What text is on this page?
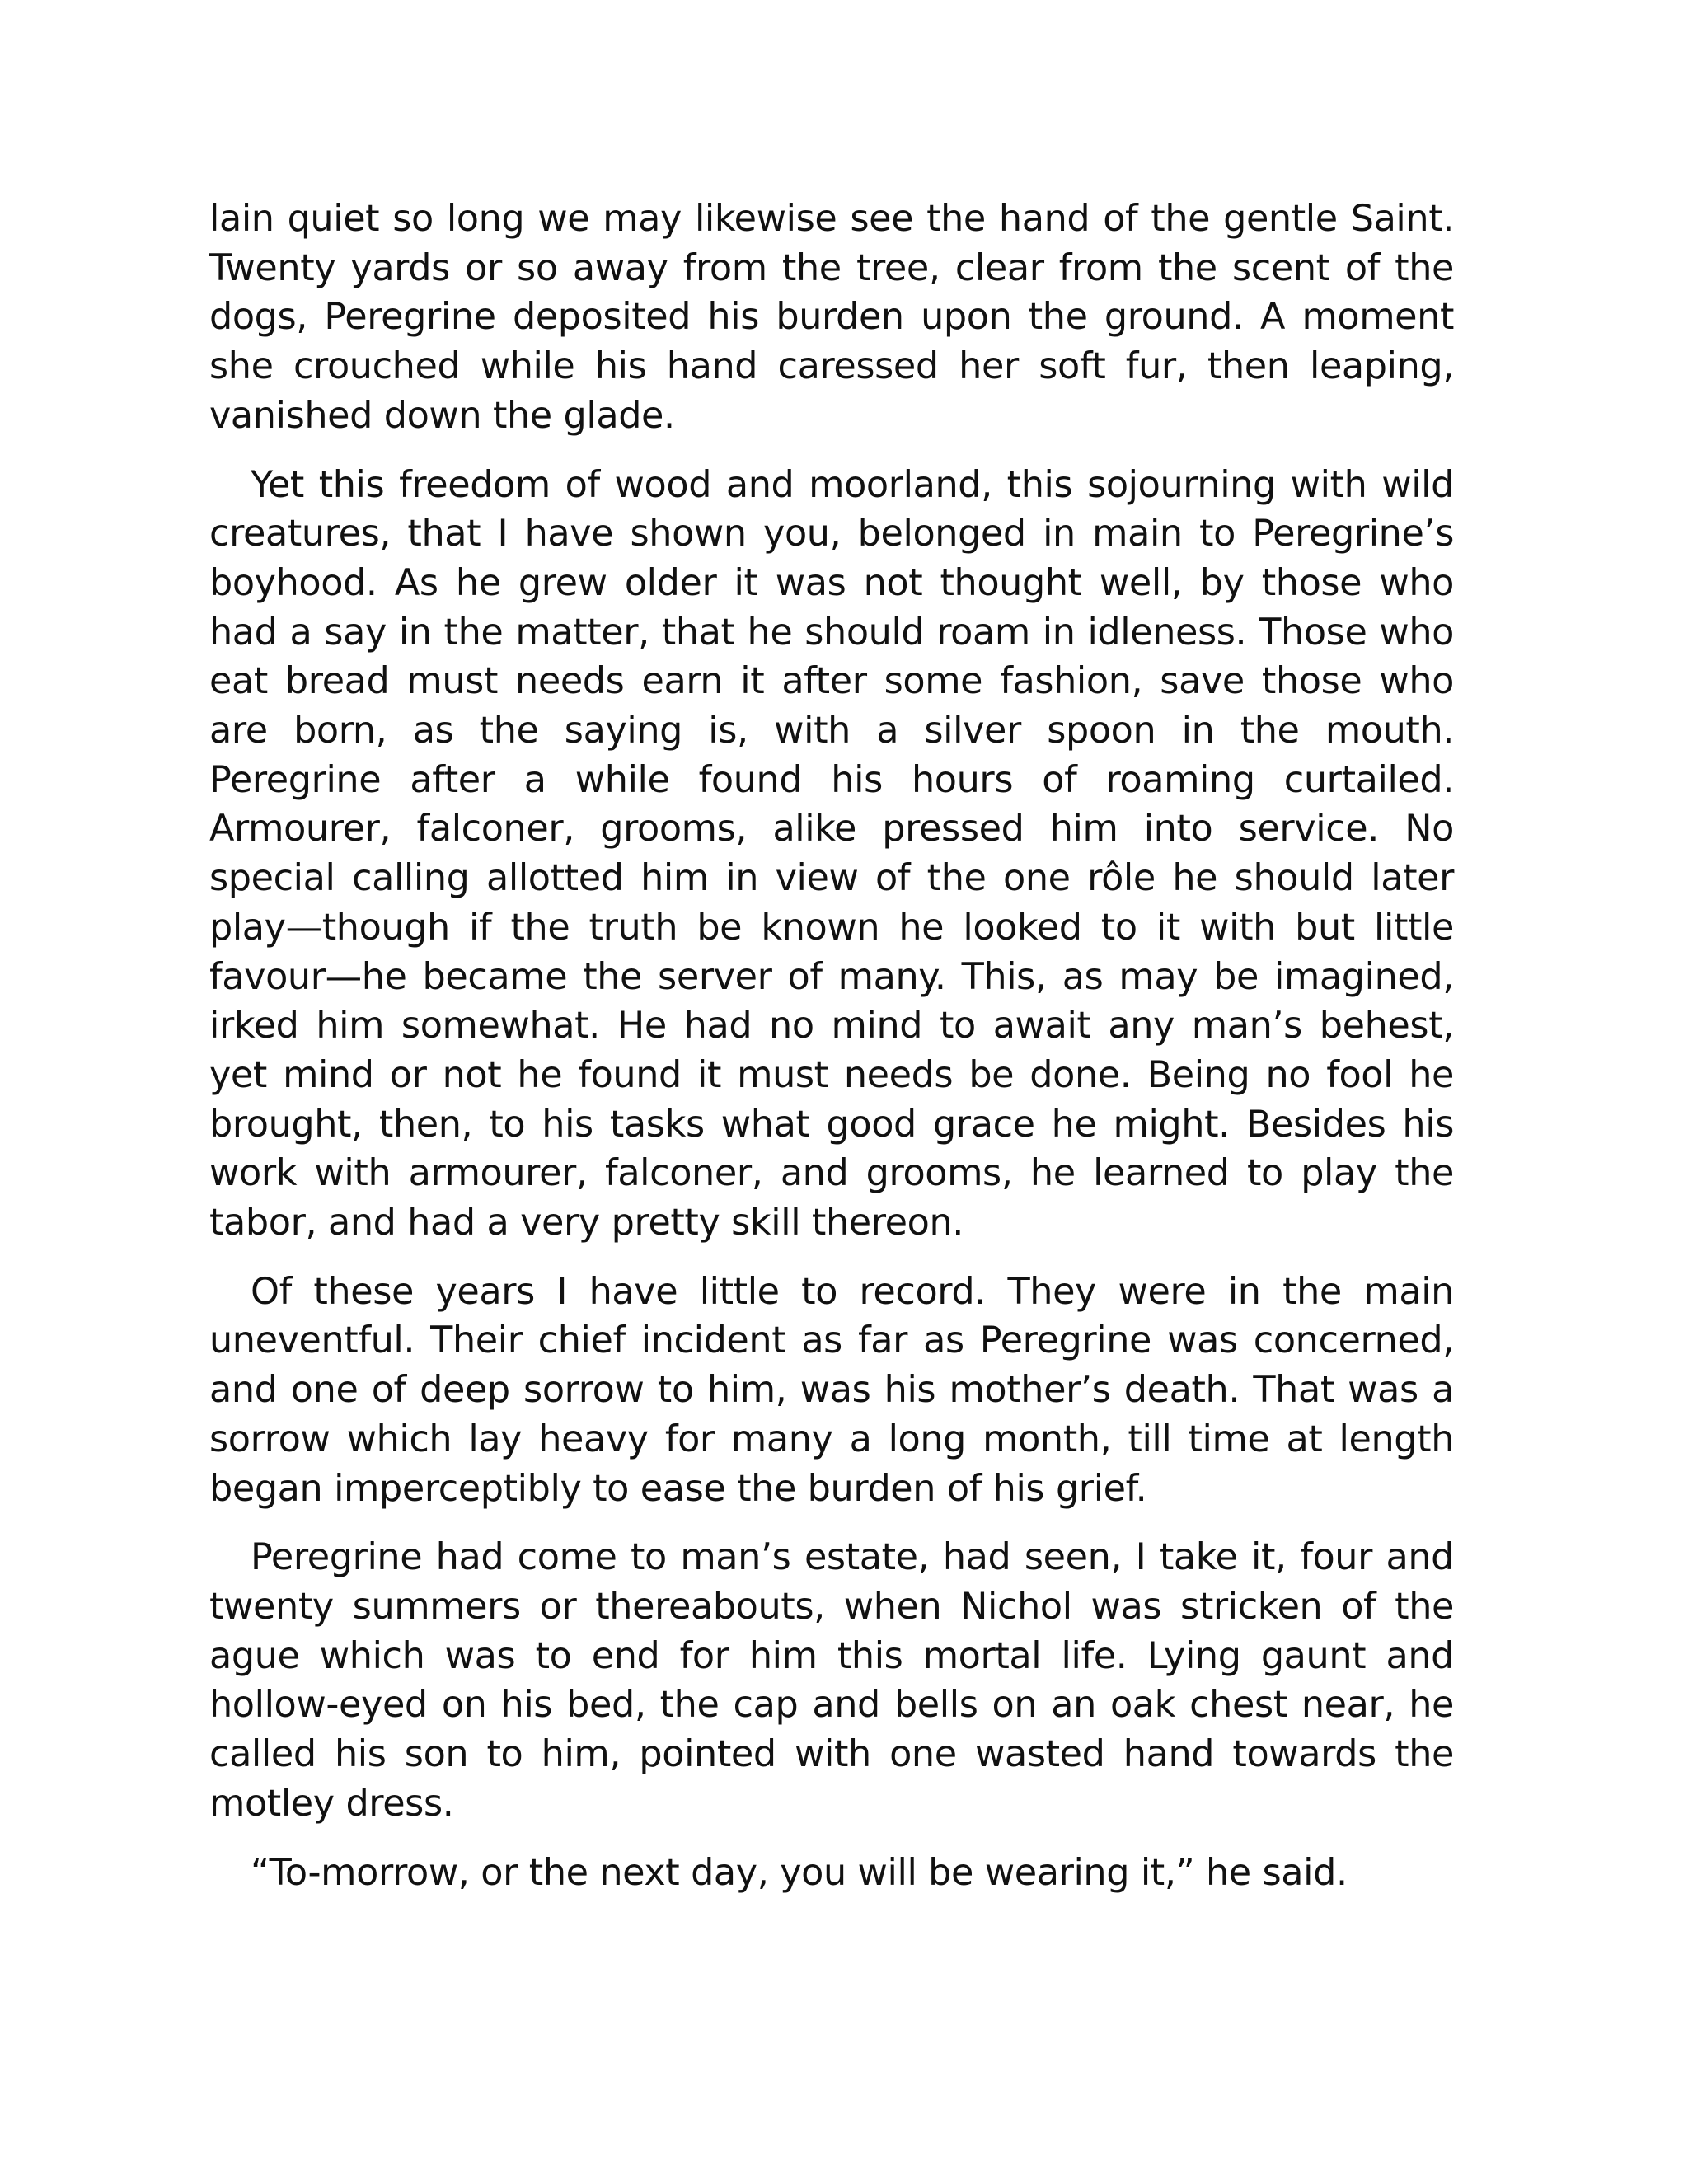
lain quiet so long we may likewise see the hand of the gentle Saint. Twenty yards or so away from the tree, clear from the scent of the dogs, Peregrine deposited his burden upon the ground. A moment she crouched while his hand caressed her soft fur, then leaping, vanished down the glade.

Yet this freedom of wood and moorland, this sojourning with wild creatures, that I have shown you, belonged in main to Peregrine’s boyhood. As he grew older it was not thought well, by those who had a say in the matter, that he should roam in idleness. Those who eat bread must needs earn it after some fashion, save those who are born, as the saying is, with a silver spoon in the mouth. Peregrine after a while found his hours of roaming curtailed. Armourer, falconer, grooms, alike pressed him into service. No special calling allotted him in view of the one rôle he should later play—though if the truth be known he looked to it with but little favour—he became the server of many. This, as may be imagined, irked him somewhat. He had no mind to await any man’s behest, yet mind or not he found it must needs be done. Being no fool he brought, then, to his tasks what good grace he might. Besides his work with armourer, falconer, and grooms, he learned to play the tabor, and had a very pretty skill thereon.

Of these years I have little to record. They were in the main uneventful. Their chief incident as far as Peregrine was concerned, and one of deep sorrow to him, was his mother’s death. That was a sorrow which lay heavy for many a long month, till time at length began imperceptibly to ease the burden of his grief.

Peregrine had come to man’s estate, had seen, I take it, four and twenty summers or thereabouts, when Nichol was stricken of the ague which was to end for him this mortal life. Lying gaunt and hollow-eyed on his bed, the cap and bells on an oak chest near, he called his son to him, pointed with one wasted hand towards the motley dress.

“To-morrow, or the next day, you will be wearing it,” he said.
